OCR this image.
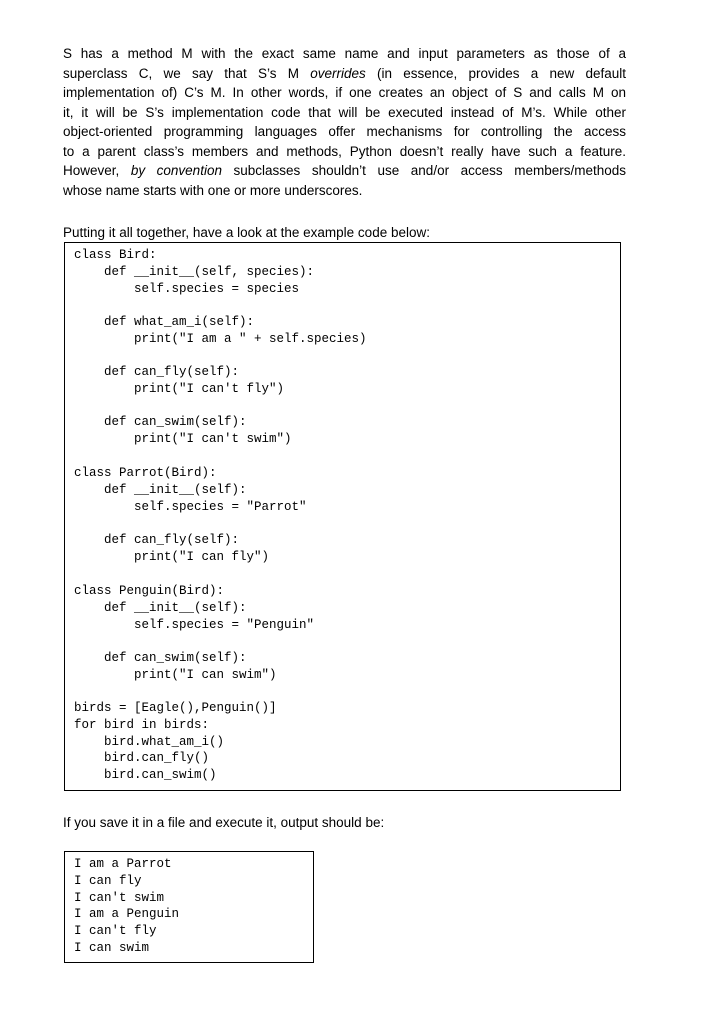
S has a method M with the exact same name and input parameters as those of a
superclass C, we say that S’s M overrides (in essence, provides a new default
implementation of) C’s M. In other words, if one creates an object of S and calls M on
it, it will be S’s implementation code that will be executed instead of M’s. While other
object-oriented programming languages offer mechanisms for controlling the access
to a parent class’s members and methods, Python doesn’t really have such a feature.
However, by convention subclasses shouldn’t use and/or access members/methods
whose name starts with one or more underscores.
Putting it all together, have a look at the example code below:
class Bird:
def __init__(self, species):
self.species = species

def what_am_i(self):
print("I am a " + self.species)

def can_fly(self):
print("I can't fly")

def can_swim(self):
print("I can't swim")

class Parrot(Bird):
def __init__(self):
self.species = "Parrot"

def can_fly(self):
print("I can fly")

class Penguin(Bird):
def __init__(self):
self.species = "Penguin"

def can_swim(self):
print("I can swim")

birds = [Eagle(),Penguin()]
for bird in birds:
bird.what_am_i()
bird.can_fly()
bird.can_swim()
If you save it in a file and execute it, output should be:
I am a Parrot
I can fly
I can't swim
I am a Penguin
I can't fly
I can swim
